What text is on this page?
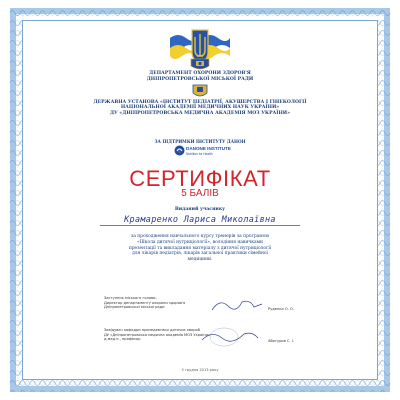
ДЕПАРТАМЕНТ ОХОРОНИ ЗДОРОВ'Я
ДНІПРОПЕТРОВСЬКОЇ МІСЬКОЇ РАДИ
ДЕРЖАВНА УСТАНОВА «ІНСТИТУТ ПЕДІАТРІЇ, АКУШЕРСТВА І ГІНЕКОЛОГІЇ
НАЦІОНАЛЬНОЇ АКАДЕМІЇ МЕДИЧНИХ НАУК УКРАЇНИ»
ДУ «ДНІПРОПЕТРОВСЬКА МЕДИЧНА АКАДЕМІЯ МОЗ УКРАЇНИ»
ЗА ПІДТРИМКИ ІНСТИТУТУ ДАНОН
DANONE INSTITUTE
Nutrition for Health
СЕРТИФІКАТ
5 БАЛІВ
Виданий учаснику
Крамаренко Лариса Миколаївна
за проходження навчального курсу тренерів за програмою
«Школа дитячої нутриціології», володіння навичками
презентації та викладання матеріалу з дитячої нутриціології
для лікарів педіатрів, лікарів загальної практики сімейної
медицини.
Заступник міського голови,
Директор департаменту охорони здоров'я
Дніпропетровської міської ради	Руденко О. О.
Завідувач кафедри пропедевтики дитячих хвороб
ДУ «Дніпропетровська медична академія МОЗ України»
д.мед.н., професор	Абатуров С. І.
5 грудня 2013 року
